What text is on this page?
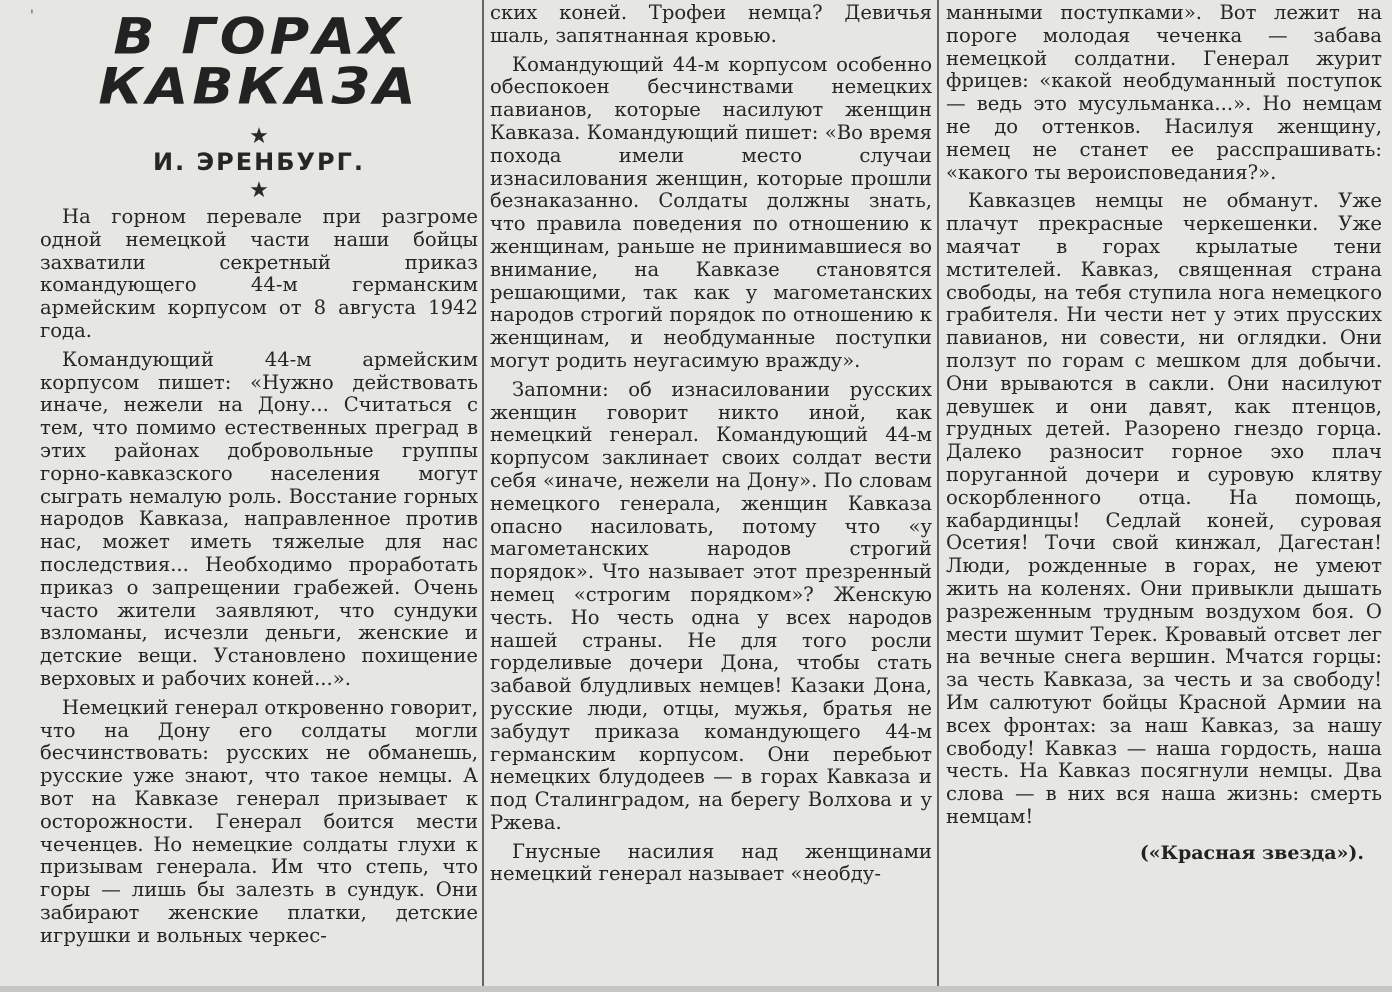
'	В ГОРАХ
КАВКАЗА
★
И. ЭРЕНБУРГ.
★

На горном перевале при разгроме одной немецкой части наши бойцы захватили секретный приказ командующего 44-м германским армейским корпусом от 8 августа 1942 года.

Командующий 44-м армейским корпусом пишет: «Нужно действовать иначе, нежели на Дону... Считаться с тем, что помимо естественных преград в этих районах добровольные группы горно-кавказского населения могут сыграть немалую роль. Восстание горных народов Кавказа, направленное против нас, может иметь тяжелые для нас последствия... Необходимо проработать приказ о запрещении грабежей. Очень часто жители заявляют, что сундуки взломаны, исчезли деньги, женские и детские вещи. Установлено похищение верховых и рабочих коней...».

Немецкий генерал откровенно говорит, что на Дону его солдаты могли бесчинствовать: русских не обманешь, русские уже знают, что такое немцы. А вот на Кавказе генерал призывает к осторожности. Генерал боится мести чеченцев. Но немецкие солдаты глухи к призывам генерала. Им что степь, что горы — лишь бы залезть в сундук. Они забирают женские платки, детские игрушки и вольных черкес-

ских коней. Трофеи немца? Девичья шаль, запятнанная кровью.

Командующий 44-м корпусом особенно обеспокоен бесчинствами немецких павианов, которые насилуют женщин Кавказа. Командующий пишет: «Во время похода имели место случаи изнасилования женщин, которые прошли безнаказанно. Солдаты должны знать, что правила поведения по отношению к женщинам, раньше не принимавшиеся во внимание, на Кавказе становятся решающими, так как у магометанских народов строгий порядок по отношению к женщинам, и необдуманные поступки могут родить неугасимую вражду».

Запомни: об изнасиловании русских женщин говорит никто иной, как немецкий генерал. Командующий 44-м корпусом заклинает своих солдат вести себя «иначе, нежели на Дону». По словам немецкого генерала, женщин Кавказа опасно насиловать, потому что «у магометанских народов строгий порядок». Что называет этот презренный немец «строгим порядком»? Женскую честь. Но честь одна у всех народов нашей страны. Не для того росли горделивые дочери Дона, чтобы стать забавой блудливых немцев! Казаки Дона, русские люди, отцы, мужья, братья не забудут приказа командующего 44-м германским корпусом. Они перебьют немецких блудодеев — в горах Кавказа и под Сталинградом, на берегу Волхова и у Ржева.

Гнусные насилия над женщинами немецкий генерал называет «необду-

манными поступками». Вот лежит на пороге молодая чеченка — забава немецкой солдатни. Генерал журит фрицев: «какой необдуманный поступок — ведь это мусульманка...». Но немцам не до оттенков. Насилуя женщину, немец не станет ее расспрашивать: «какого ты вероисповедания?».

Кавказцев немцы не обманут. Уже плачут прекрасные черкешенки. Уже маячат в горах крылатые тени мстителей. Кавказ, священная страна свободы, на тебя ступила нога немецкого грабителя. Ни чести нет у этих прусских павианов, ни совести, ни оглядки. Они ползут по горам с мешком для добычи. Они врываются в сакли. Они насилуют девушек и они давят, как птенцов, грудных детей. Разорено гнездо горца. Далеко разносит горное эхо плач поруганной дочери и суровую клятву оскорбленного отца. На помощь, кабардинцы! Седлай коней, суровая Осетия! Точи свой кинжал, Дагестан! Люди, рожденные в горах, не умеют жить на коленях. Они привыкли дышать разреженным трудным воздухом боя. О мести шумит Терек. Кровавый отсвет лег на вечные снега вершин. Мчатся горцы: за честь Кавказа, за честь и за свободу! Им салютуют бойцы Красной Армии на всех фронтах: за наш Кавказ, за нашу свободу! Кавказ — наша гордость, наша честь. На Кавказ посягнули немцы. Два слова — в них вся наша жизнь: смерть немцам!

(«Красная звезда»).
